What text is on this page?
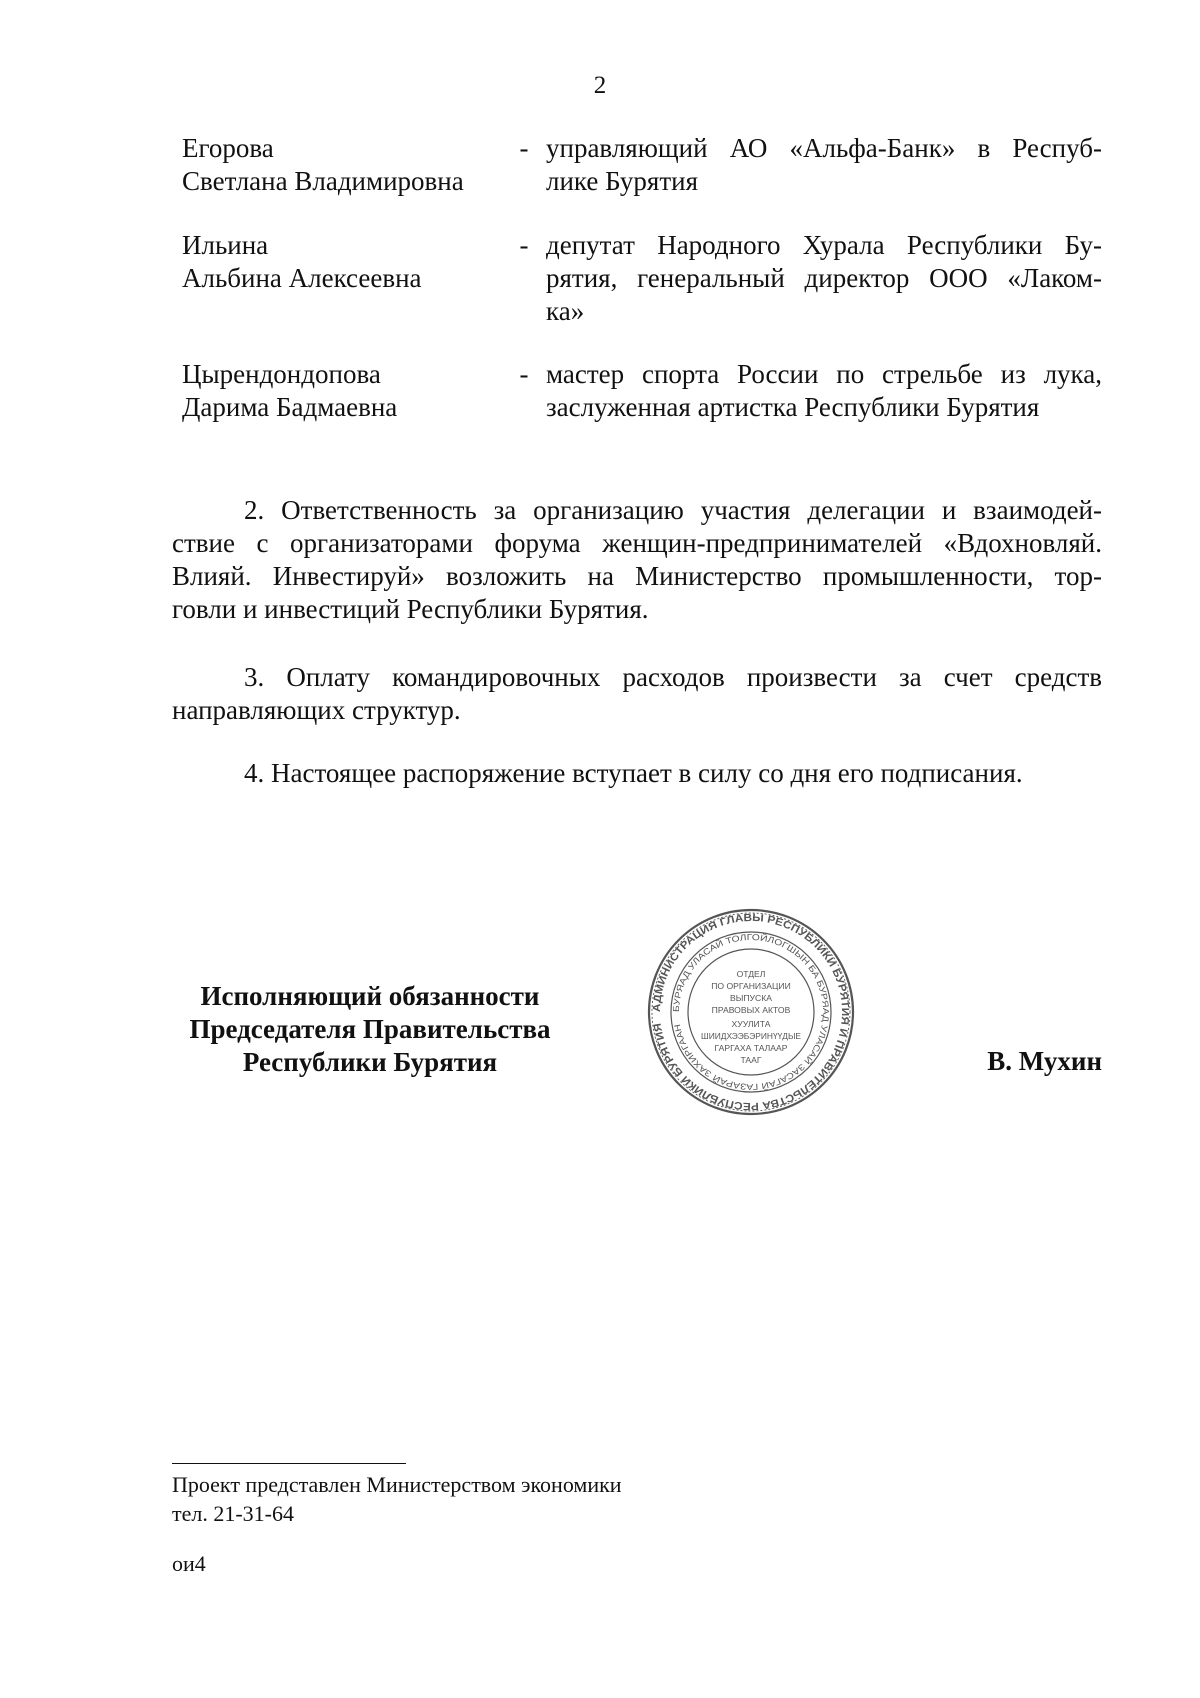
2
Егорова
Светлана Владимировна
- управляющий АО «Альфа-Банк» в Респуб-
лике Бурятия
Ильина
Альбина Алексеевна
- депутат Народного Хурала Республики Бу-
рятия, генеральный директор ООО «Лаком-
ка»
Цырендондопова
Дарима Бадмаевна
- мастер спорта России по стрельбе из лука,
заслуженная артистка Республики Бурятия
2. Ответственность за организацию участия делегации и взаимодей-
ствие с организаторами форума женщин-предпринимателей «Вдохновляй.
Влияй. Инвестируй» возложить на Министерство промышленности, тор-
говли и инвестиций Республики Бурятия.
3. Оплату командировочных расходов произвести за счет средств
направляющих структур.
4. Настоящее распоряжение вступает в силу со дня его подписания.
Исполняющий обязанности
Председателя Правительства
Республики Бурятия
АДМИНИСТРАЦИЯ ГЛАВЫ РЕСПУБЛИКИ БУРЯТИЯ И ПРАВИТЕЛЬСТВА РЕСПУБЛИКИ БУРЯТИЯ
БУРЯАД УЛАСАЙ ТОЛГОЙЛОГШЫН БА БУРЯАД УЛАСАЙ ЗАСАГАЙ ГАЗАРАЙ ЗАХИРГААН
ОТДЕЛ
ПО ОРГАНИЗАЦИИ
ВЫПУСКА
ПРАВОВЫХ АКТОВ
ХУУЛИТА
ШИИДХЭЭБЭРИНҮҮДЫЕ
ГАРГАХА ТАЛААР
ТААГ	В. Мухин
Проект представлен Министерством экономики
тел. 21-31-64
ои4
